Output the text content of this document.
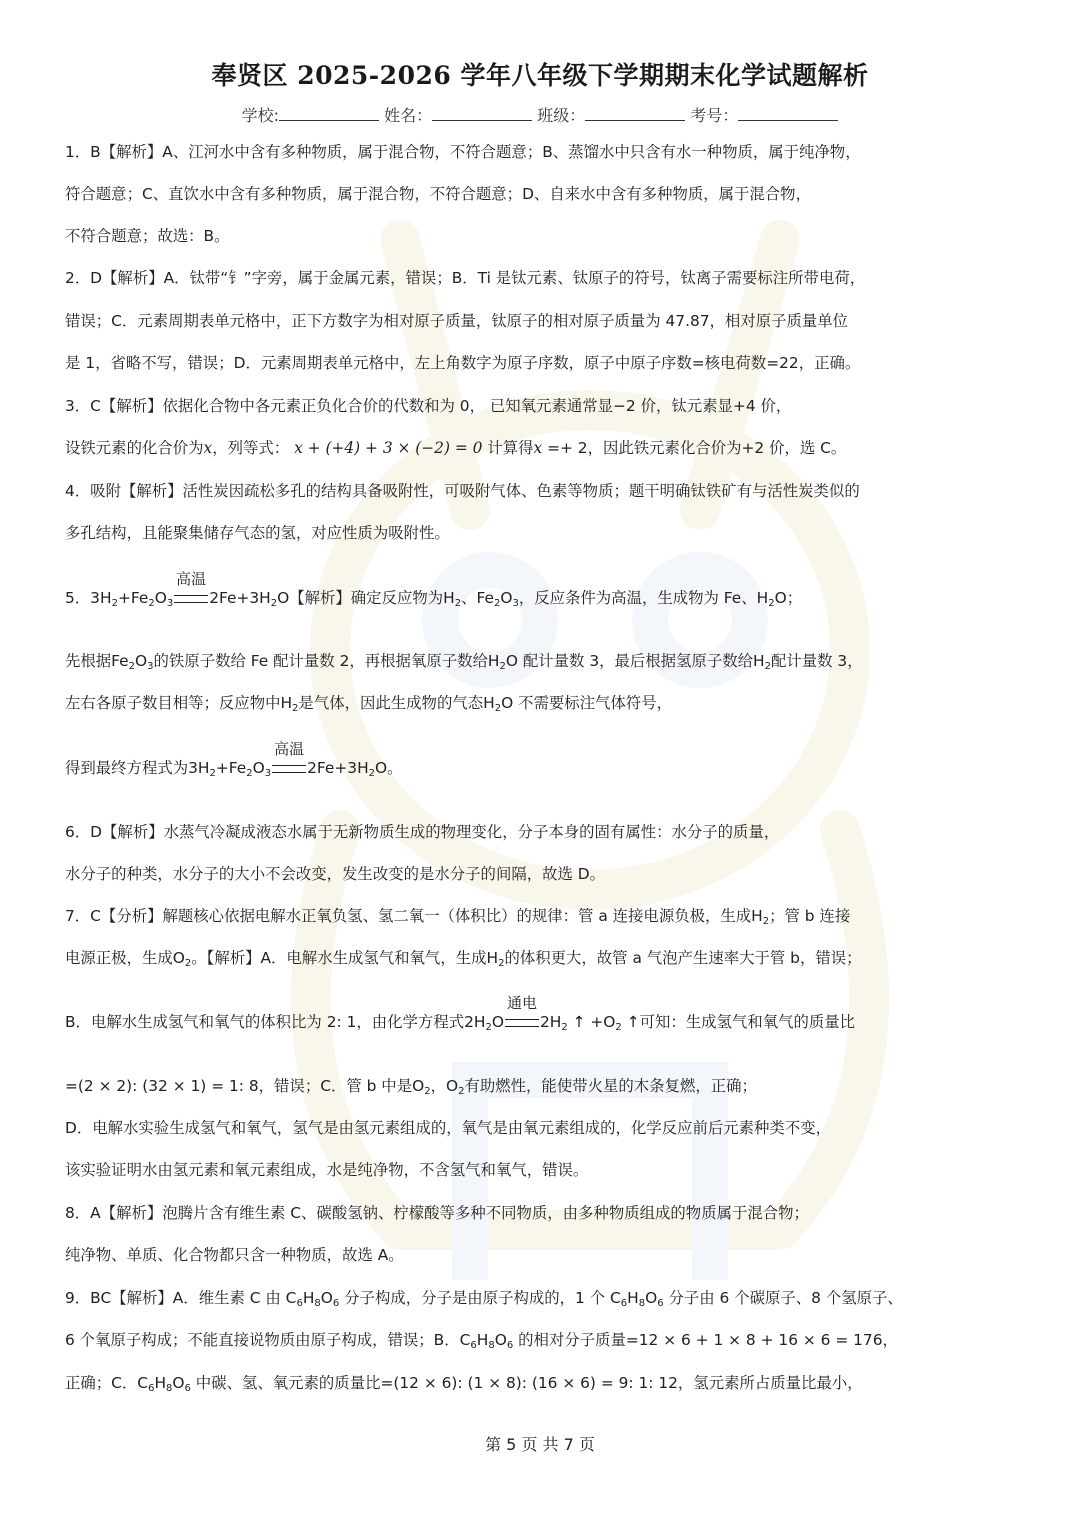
奉贤区 2025-2026 学年八年级下学期期末化学试题解析
学校:	姓名：	班级：	考号：
1．B【解析】A、江河水中含有多种物质，属于混合物，不符合题意；B、蒸馏水中只含有水一种物质，属于纯净物，
符合题意；C、直饮水中含有多种物质，属于混合物，不符合题意；D、自来水中含有多种物质，属于混合物，
不符合题意；故选：B。
2．D【解析】A．钛带“钅”字旁，属于金属元素，错误；B．Ti 是钛元素、钛原子的符号，钛离子需要标注所带电荷，
错误；C．元素周期表单元格中，正下方数字为相对原子质量，钛原子的相对原子质量为 47.87，相对原子质量单位
是 1，省略不写，错误；D．元素周期表单元格中，左上角数字为原子序数，原子中原子序数=核电荷数=22，正确。
3．C【解析】依据化合物中各元素正负化合价的代数和为 0， 已知氧元素通常显−2 价，钛元素显+4 价，
设铁元素的化合价为x，列等式： x + (+4) + 3 × (−2) = 0 计算得x =+ 2，因此铁元素化合价为+2 价，选 C。
4．吸附【解析】活性炭因疏松多孔的结构具备吸附性，可吸附气体、色素等物质；题干明确钛铁矿有与活性炭类似的
多孔结构，且能聚集储存气态的氢，对应性质为吸附性。
5．$3H_2+Fe_2O_3$
高温
$2Fe+3H_2O$【解析】确定反应物为$H_2$、$Fe_2O_3$，反应条件为高温，生成物为 Fe、$H_2O$；
先根据$Fe_2O_3$的铁原子数给 Fe 配计量数 2，再根据氧原子数给$H_2O$ 配计量数 3，最后根据氢原子数给$H_2$配计量数 3，
左右各原子数目相等；反应物中$H_2$是气体，因此生成物的气态$H_2O$ 不需要标注气体符号，
得到最终方程式为$3H_2+Fe_2O_3$
高温
$2Fe+3H_2O$。
6．D【解析】水蒸气冷凝成液态水属于无新物质生成的物理变化，分子本身的固有属性：水分子的质量，
水分子的种类，水分子的大小不会改变，发生改变的是水分子的间隔，故选 D。
7．C【分析】解题核心依据电解水正氧负氢、氢二氧一（体积比）的规律：管 a 连接电源负极，生成$H_2$；管 b 连接
电源正极，生成$O_2$。【解析】A．电解水生成氢气和氧气，生成$H_2$的体积更大，故管 a 气泡产生速率大于管 b，错误；
B．电解水生成氢气和氧气的体积比为 2: 1，由化学方程式$2H_2O$
通电
$2H_2$ ↑ $+O_2$ ↑可知：生成氢气和氧气的质量比
=(2 × 2): (32 × 1) = 1: 8，错误；C．管 b 中是$O_2$，$O_2$有助燃性，能使带火星的木条复燃，正确；
D．电解水实验生成氢气和氧气，氢气是由氢元素组成的，氧气是由氧元素组成的，化学反应前后元素种类不变，
该实验证明水由氢元素和氧元素组成，水是纯净物，不含氢气和氧气，错误。
8．A【解析】泡腾片含有维生素 C、碳酸氢钠、柠檬酸等多种不同物质，由多种物质组成的物质属于混合物；
纯净物、单质、化合物都只含一种物质，故选 A。
9．BC【解析】A．维生素 C 由 $C_6H_8O_6$ 分子构成，分子是由原子构成的，1 个 $C_6H_8O_6$ 分子由 6 个碳原子、8 个氢原子、
6 个氧原子构成；不能直接说物质由原子构成，错误；B．$C_6H_8O_6$ 的相对分子质量=12 × 6 + 1 × 8 + 16 × 6 = 176，
正确；C．$C_6H_8O_6$ 中碳、氢、氧元素的质量比=(12 × 6): (1 × 8): (16 × 6) = 9: 1: 12，氢元素所占质量比最小，
第 5 页 共 7 页
